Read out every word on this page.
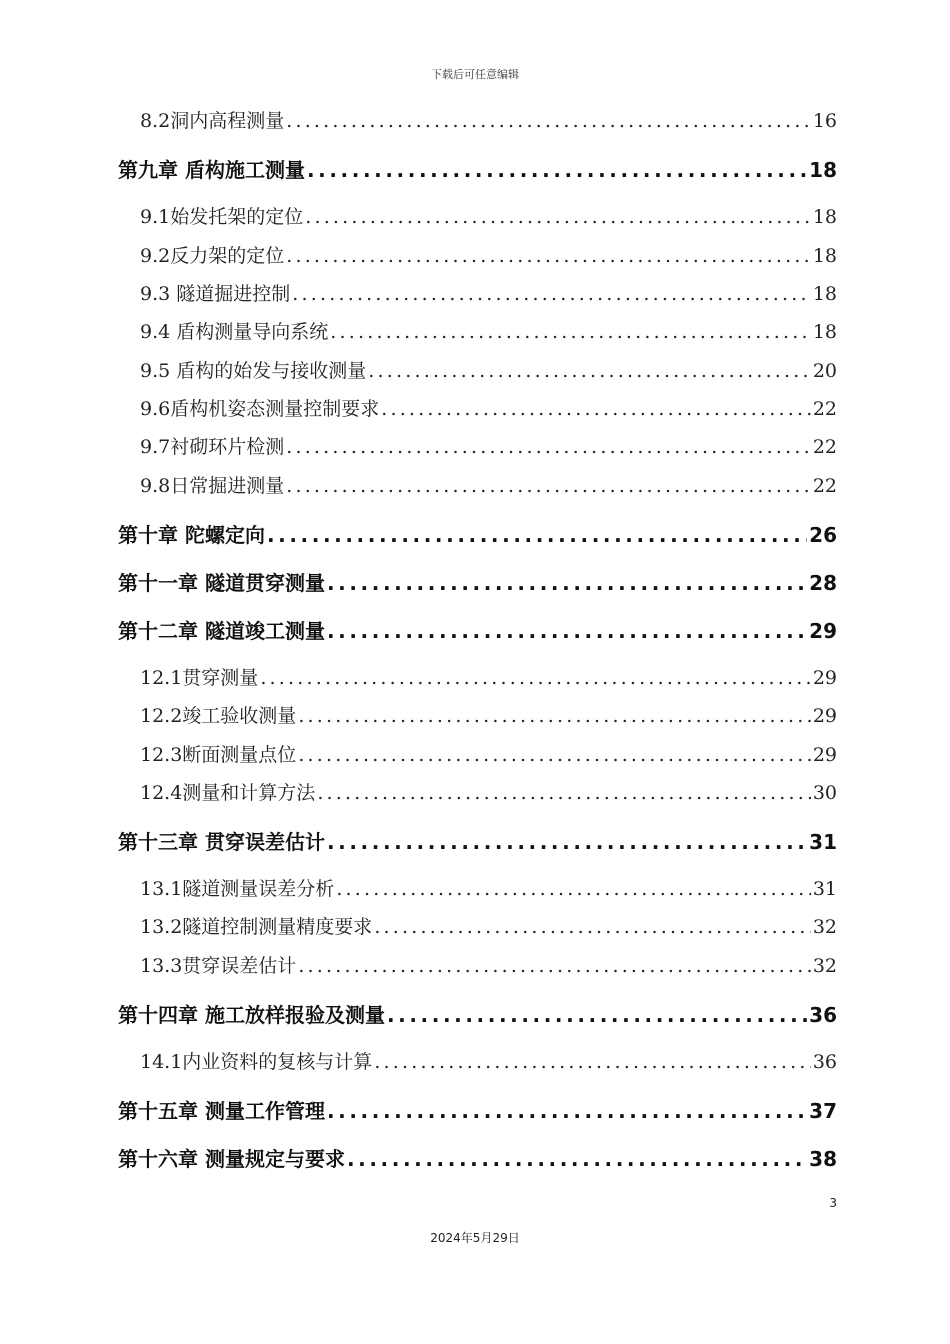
下载后可任意编辑
8.2洞内高程测量 .....	16
第九章 盾构施工测量 .....	18
9.1始发托架的定位 .....	18
9.2反力架的定位 .....	18
9.3 隧道掘进控制 .....	18
9.4 盾构测量导向系统 .....	18
9.5 盾构的始发与接收测量 .....	20
9.6盾构机姿态测量控制要求 .....	22
9.7衬砌环片检测 .....	22
9.8日常掘进测量 .....	22
第十章 陀螺定向 .....	26
第十一章 隧道贯穿测量 .....	28
第十二章 隧道竣工测量 .....	29
12.1贯穿测量 .....	29
12.2竣工验收测量 .....	29
12.3断面测量点位 .....	29
12.4测量和计算方法 .....	30
第十三章 贯穿误差估计 .....	31
13.1隧道测量误差分析 .....	31
13.2隧道控制测量精度要求 .....	32
13.3贯穿误差估计 .....	32
第十四章 施工放样报验及测量 .....	36
14.1内业资料的复核与计算 .....	36
第十五章 测量工作管理 .....	37
第十六章 测量规定与要求 .....	38
3
2024年5月29日
